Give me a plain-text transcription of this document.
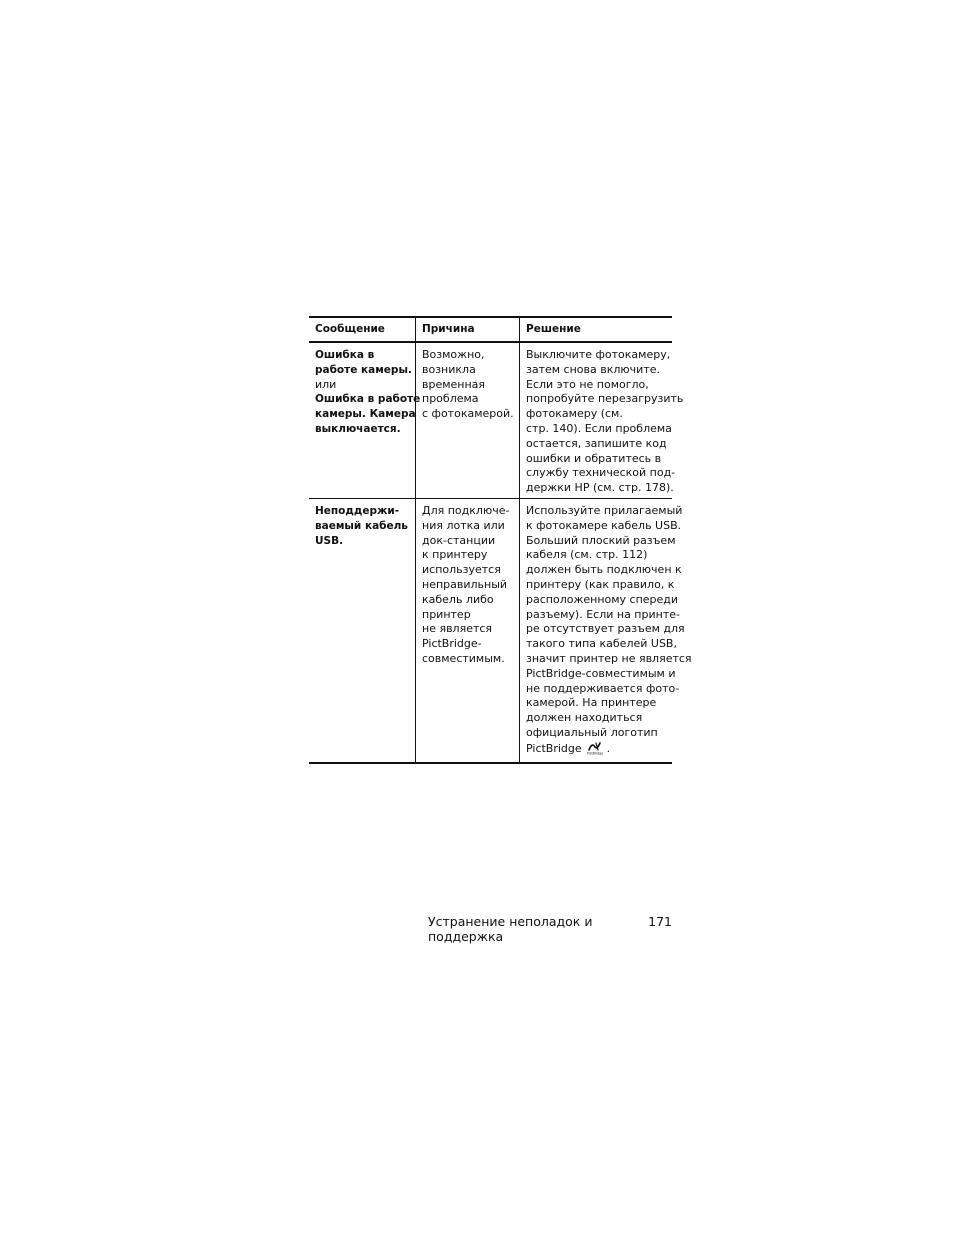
Сообщение	Причина	Решение
Ошибка в
работе камеры.
или
Ошибка в работе
камеры. Камера
выключается.
Возможно,
возникла
временная
проблема
с фотокамерой.
Выключите фотокамеру,
затем снова включите.
Если это не помогло,
попробуйте перезагрузить
фотокамеру (см.
стр. 140). Если проблема
остается, запишите код
ошибки и обратитесь в
службу технической под-
держки HP (см. стр. 178).
Неподдержи-
ваемый кабель
USB.
Для подключе-
ния лотка или
док-станции
к принтеру
используется
неправильный
кабель либо
принтер
не является
PictBridge-
совместимым.
Используйте прилагаемый
к фотокамере кабель USB.
Больший плоский разъем
кабеля (см. стр. 112)
должен быть подключен к
принтеру (как правило, к
расположенному спереди
разъему). Если на принте-
ре отсутствует разъем для
такого типа кабелей USB,
значит принтер не является
PictBridge-совместимым и
не поддерживается фото-
камерой. На принтере
должен находиться
официальный логотип
PictBridge PictBridge .
Устранение неполадок и поддержка
171
